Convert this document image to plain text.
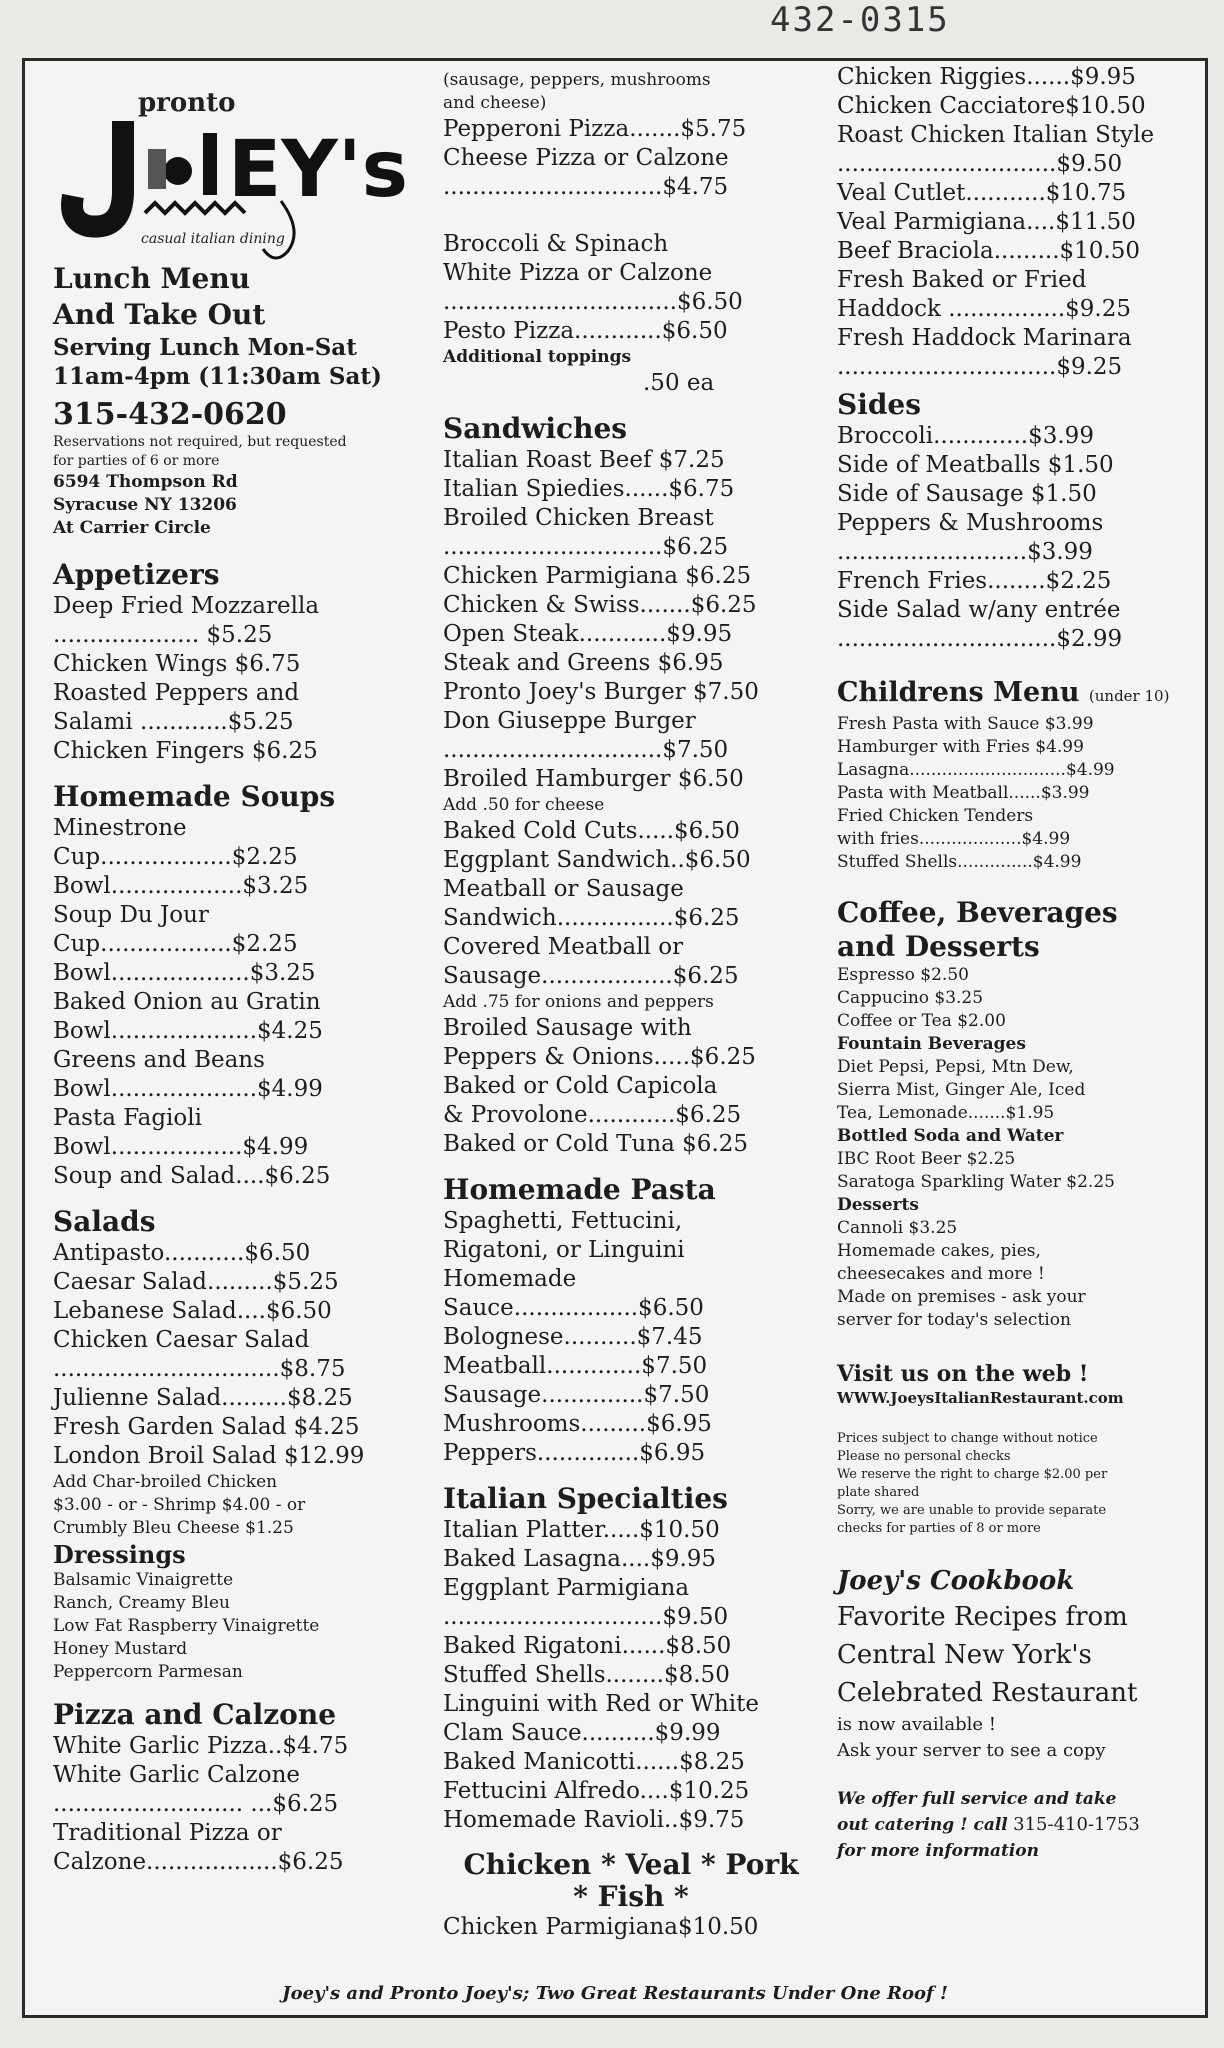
432-0315
pronto
EY's
casual italian dining
Lunch Menu
And Take Out
Serving Lunch Mon-Sat
11am-4pm (11:30am Sat)
315-432-0620
Reservations not required, but requested
for parties of 6 or more
6594 Thompson Rd
Syracuse NY 13206
At Carrier Circle
Appetizers
Deep Fried Mozzarella
.................... $5.25
Chicken Wings $6.75
Roasted Peppers and
Salami ............$5.25
Chicken Fingers $6.25
Homemade Soups
Minestrone
Cup..................$2.25
Bowl..................$3.25
Soup Du Jour
Cup..................$2.25
Bowl...................$3.25
Baked Onion au Gratin
Bowl....................$4.25
Greens and Beans
Bowl....................$4.99
Pasta Fagioli
Bowl..................$4.99
Soup and Salad....$6.25
Salads
Antipasto...........$6.50
Caesar Salad.........$5.25
Lebanese Salad....$6.50
Chicken Caesar Salad
...............................$8.75
Julienne Salad.........$8.25
Fresh Garden Salad $4.25
London Broil Salad $12.99
Add Char-broiled Chicken
$3.00 - or - Shrimp $4.00 - or
Crumbly Bleu Cheese $1.25
Dressings
Balsamic Vinaigrette
Ranch, Creamy Bleu
Low Fat Raspberry Vinaigrette
Honey Mustard
Peppercorn Parmesan
Pizza and Calzone
White Garlic Pizza..$4.75
White Garlic Calzone
.......................... ...$6.25
Traditional Pizza or
Calzone..................$6.25
(sausage, peppers, mushrooms
and cheese)
Pepperoni Pizza.......$5.75
Cheese Pizza or Calzone
..............................$4.75
Broccoli & Spinach
White Pizza or Calzone
................................$6.50
Pesto Pizza............$6.50
Additional toppings
.50 ea
Sandwiches
Italian Roast Beef $7.25
Italian Spiedies......$6.75
Broiled Chicken Breast
..............................$6.25
Chicken Parmigiana $6.25
Chicken & Swiss.......$6.25
Open Steak............$9.95
Steak and Greens $6.95
Pronto Joey's Burger $7.50
Don Giuseppe Burger
..............................$7.50
Broiled Hamburger $6.50
Add .50 for cheese
Baked Cold Cuts.....$6.50
Eggplant Sandwich..$6.50
Meatball or Sausage
Sandwich................$6.25
Covered Meatball or
Sausage..................$6.25
Add .75 for onions and peppers
Broiled Sausage with
Peppers & Onions.....$6.25
Baked or Cold Capicola
& Provolone............$6.25
Baked or Cold Tuna $6.25
Homemade Pasta
Spaghetti, Fettucini,
Rigatoni, or Linguini
Homemade
Sauce.................$6.50
Bolognese..........$7.45
Meatball.............$7.50
Sausage..............$7.50
Mushrooms.........$6.95
Peppers..............$6.95
Italian Specialties
Italian Platter.....$10.50
Baked Lasagna....$9.95
Eggplant Parmigiana
..............................$9.50
Baked Rigatoni......$8.50
Stuffed Shells........$8.50
Linguini with Red or White
Clam Sauce..........$9.99
Baked Manicotti......$8.25
Fettucini Alfredo....$10.25
Homemade Ravioli..$9.75
Chicken * Veal * Pork
* Fish *
Chicken Parmigiana$10.50
Chicken Riggies......$9.95
Chicken Cacciatore$10.50
Roast Chicken Italian Style
..............................$9.50
Veal Cutlet...........$10.75
Veal Parmigiana....$11.50
Beef Braciola.........$10.50
Fresh Baked or Fried
Haddock ................$9.25
Fresh Haddock Marinara
..............................$9.25
Sides
Broccoli.............$3.99
Side of Meatballs $1.50
Side of Sausage $1.50
Peppers & Mushrooms
..........................$3.99
French Fries........$2.25
Side Salad w/any entrée
..............................$2.99
Childrens Menu (under 10)
Fresh Pasta with Sauce $3.99
Hamburger with Fries $4.99
Lasagna.............................$4.99
Pasta with Meatball......$3.99
Fried Chicken Tenders
with fries...................$4.99
Stuffed Shells..............$4.99
Coffee, Beverages
and Desserts
Espresso $2.50
Cappucino $3.25
Coffee or Tea $2.00
Fountain Beverages
Diet Pepsi, Pepsi, Mtn Dew,
Sierra Mist, Ginger Ale, Iced
Tea, Lemonade.......$1.95
Bottled Soda and Water
IBC Root Beer $2.25
Saratoga Sparkling Water $2.25
Desserts
Cannoli $3.25
Homemade cakes, pies,
cheesecakes and more !
Made on premises - ask your
server for today's selection
Visit us on the web !
WWW.JoeysItalianRestaurant.com
Prices subject to change without notice
Please no personal checks
We reserve the right to charge $2.00 per
plate shared
Sorry, we are unable to provide separate
checks for parties of 8 or more
Joey's Cookbook
Favorite Recipes from
Central New York's
Celebrated Restaurant
is now available !
Ask your server to see a copy
We offer full service and take
out catering ! call 315-410-1753
for more information
Joey's and Pronto Joey's; Two Great Restaurants Under One Roof !
